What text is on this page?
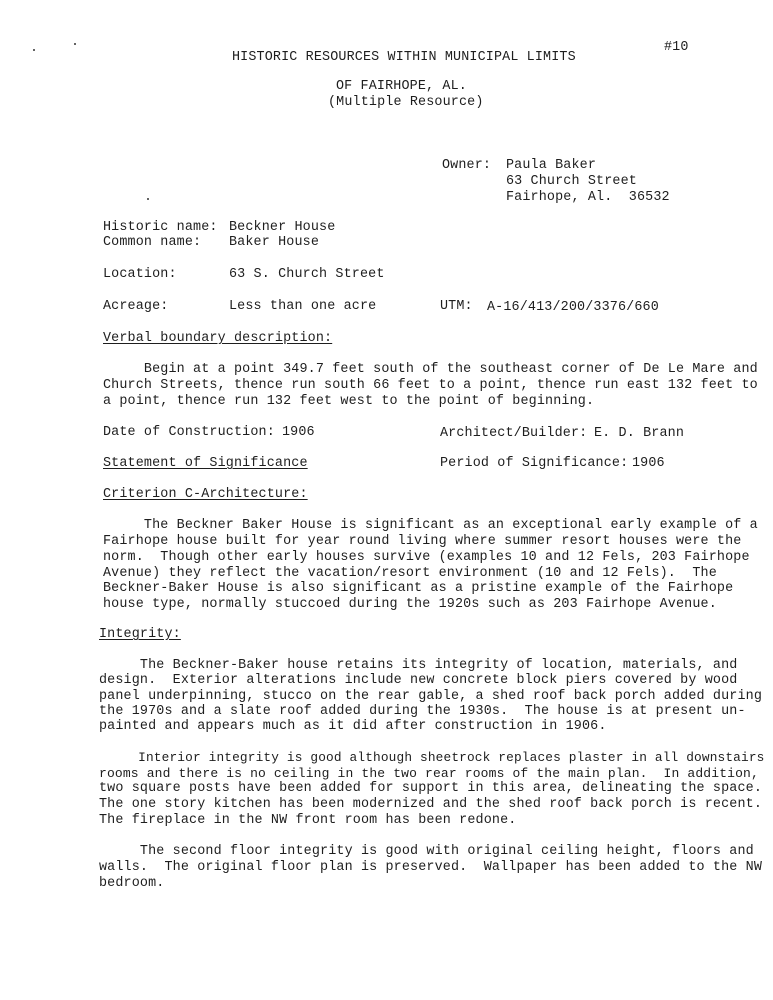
HISTORIC RESOURCES WITHIN MUNICIPAL LIMITS
#10
OF FAIRHOPE, AL.
(Multiple Resource)
Owner: Paula Baker
63 Church Street
Fairhope, Al.  36532
Historic name: Beckner House
Common name: Baker House
Location:	63 S. Church Street
Acreage:	Less than one acre	UTM: A-16/413/200/3376/660
Verbal boundary description:
Begin at a point 349.7 feet south of the southeast corner of De Le Mare and
Church Streets, thence run south 66 feet to a point, thence run east 132 feet to
a point, thence run 132 feet west to the point of beginning.
Date of Construction: 1906	Architect/Builder: E. D. Brann
Statement of Significance	Period of Significance: 1906
Criterion C-Architecture:
The Beckner Baker House is significant as an exceptional early example of a
Fairhope house built for year round living where summer resort houses were the
norm.  Though other early houses survive (examples 10 and 12 Fels, 203 Fairhope
Avenue) they reflect the vacation/resort environment (10 and 12 Fels).  The
Beckner-Baker House is also significant as a pristine example of the Fairhope
house type, normally stuccoed during the 1920s such as 203 Fairhope Avenue.
Integrity:
The Beckner-Baker house retains its integrity of location, materials, and
design.  Exterior alterations include new concrete block piers covered by wood
panel underpinning, stucco on the rear gable, a shed roof back porch added during
the 1970s and a slate roof added during the 1930s.  The house is at present un-
painted and appears much as it did after construction in 1906.
Interior integrity is good although sheetrock replaces plaster in all downstairs
rooms and there is no ceiling in the two rear rooms of the main plan.  In addition,
two square posts have been added for support in this area, delineating the space.
The one story kitchen has been modernized and the shed roof back porch is recent.
The fireplace in the NW front room has been redone.
The second floor integrity is good with original ceiling height, floors and
walls.  The original floor plan is preserved.  Wallpaper has been added to the NW
bedroom.
